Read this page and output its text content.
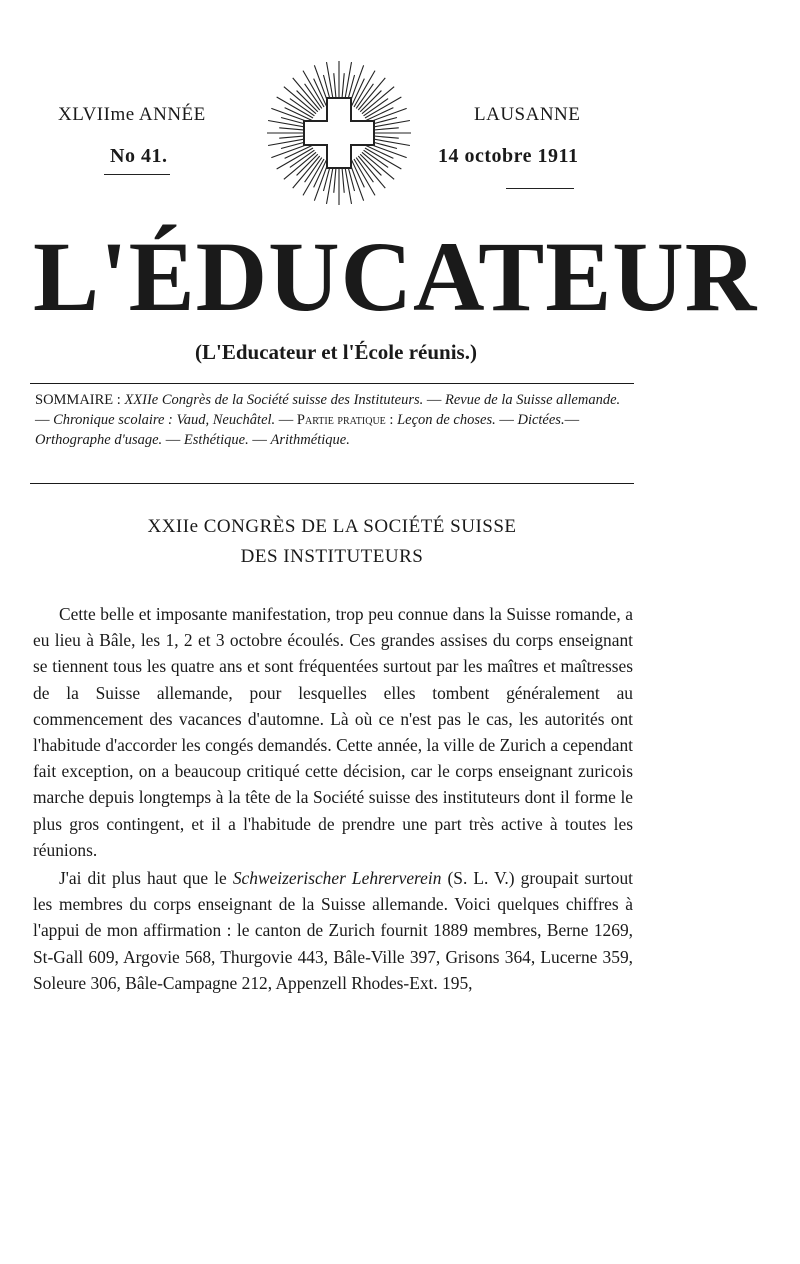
XLVIIme ANNÉE
No 41.
LAUSANNE
14 octobre 1911
L'ÉDUCATEUR
(L'Educateur et l'École réunis.)
SOMMAIRE : XXIIe Congrès de la Société suisse des Instituteurs. — Revue de la Suisse allemande. — Chronique scolaire : Vaud, Neuchâtel. — Partie pratique : Leçon de choses. — Dictées.— Orthographe d'usage. — Esthétique. — Arithmétique.
XXIIe CONGRÈS DE LA SOCIÉTÉ SUISSE
DES INSTITUTEURS

Cette belle et imposante manifestation, trop peu connue dans la Suisse romande, a eu lieu à Bâle, les 1, 2 et 3 octobre écoulés. Ces grandes assises du corps enseignant se tiennent tous les quatre ans et sont fréquentées surtout par les maîtres et maîtresses de la Suisse allemande, pour lesquelles elles tombent généralement au commencement des vacances d'automne. Là où ce n'est pas le cas, les autorités ont l'habitude d'accorder les congés demandés. Cette année, la ville de Zurich a cependant fait exception, on a beaucoup critiqué cette décision, car le corps enseignant zuricois marche depuis longtemps à la tête de la Société suisse des instituteurs dont il forme le plus gros contingent, et il a l'habitude de prendre une part très active à toutes les réunions.

J'ai dit plus haut que le Schweizerischer Lehrerverein (S. L. V.) groupait surtout les membres du corps enseignant de la Suisse allemande. Voici quelques chiffres à l'appui de mon affirmation : le canton de Zurich fournit 1889 membres, Berne 1269, St-Gall 609, Argovie 568, Thurgovie 443, Bâle-Ville 397, Grisons 364, Lucerne 359, Soleure 306, Bâle-Campagne 212, Appenzell Rhodes-Ext. 195,
